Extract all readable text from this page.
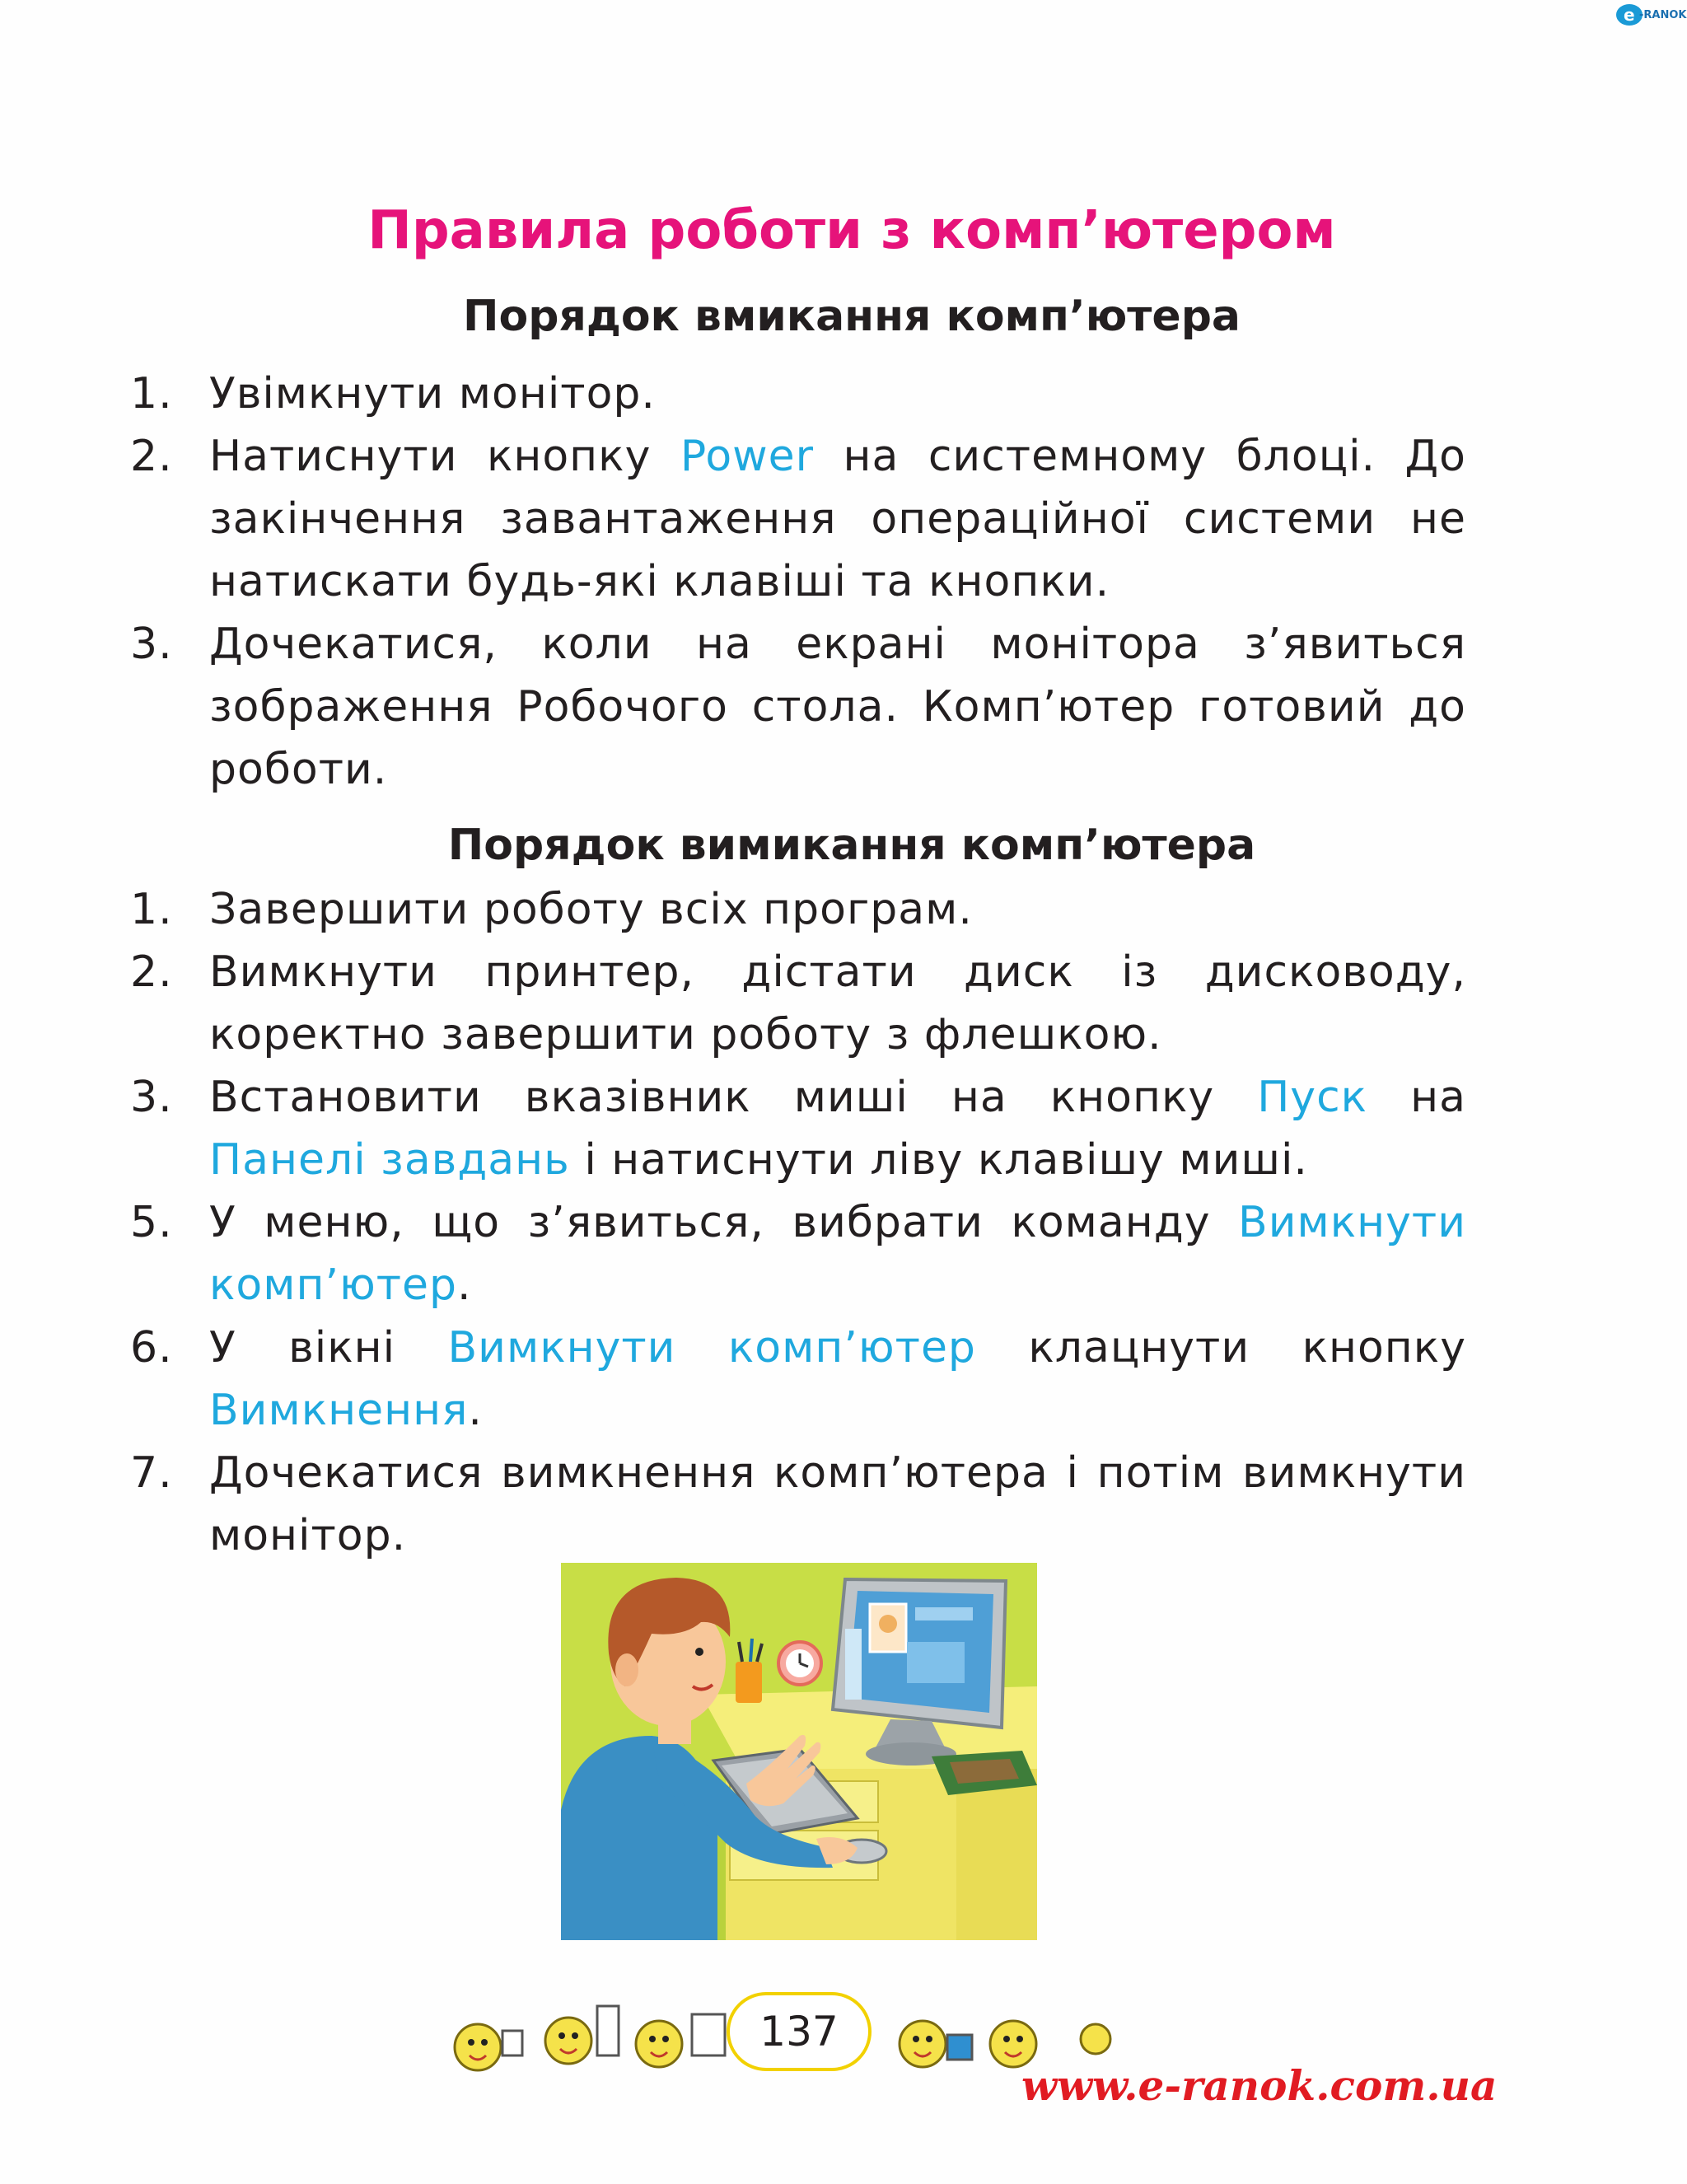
e -RANOK
Правила роботи з комп’ютером
Порядок вмикання комп’ютера
1. Увімкнути монітор.
2. Натиснути кнопку Power на системному блоці. До закінчення завантаження операційної системи не натискати будь-які клавіші та кнопки.
3. Дочекатися, коли на екрані монітора з’явиться зображення Робочого стола. Комп’ютер готовий до роботи.
Порядок вимикання комп’ютера
1. Завершити роботу всіх програм.
2. Вимкнути принтер, дістати диск із дисководу, коректно завершити роботу з флешкою.
3. Встановити вказівник миші на кнопку Пуск на Панелі завдань і натиснути ліву клавішу миші.
5. У меню, що з’явиться, вибрати команду Вимкнути комп’ютер.
6. У вікні Вимкнути комп’ютер клацнути кнопку Вимкнення.
7. Дочекатися вимкнення комп’ютера і потім вимкнути монітор.
137
www.e-ranok.com.ua
